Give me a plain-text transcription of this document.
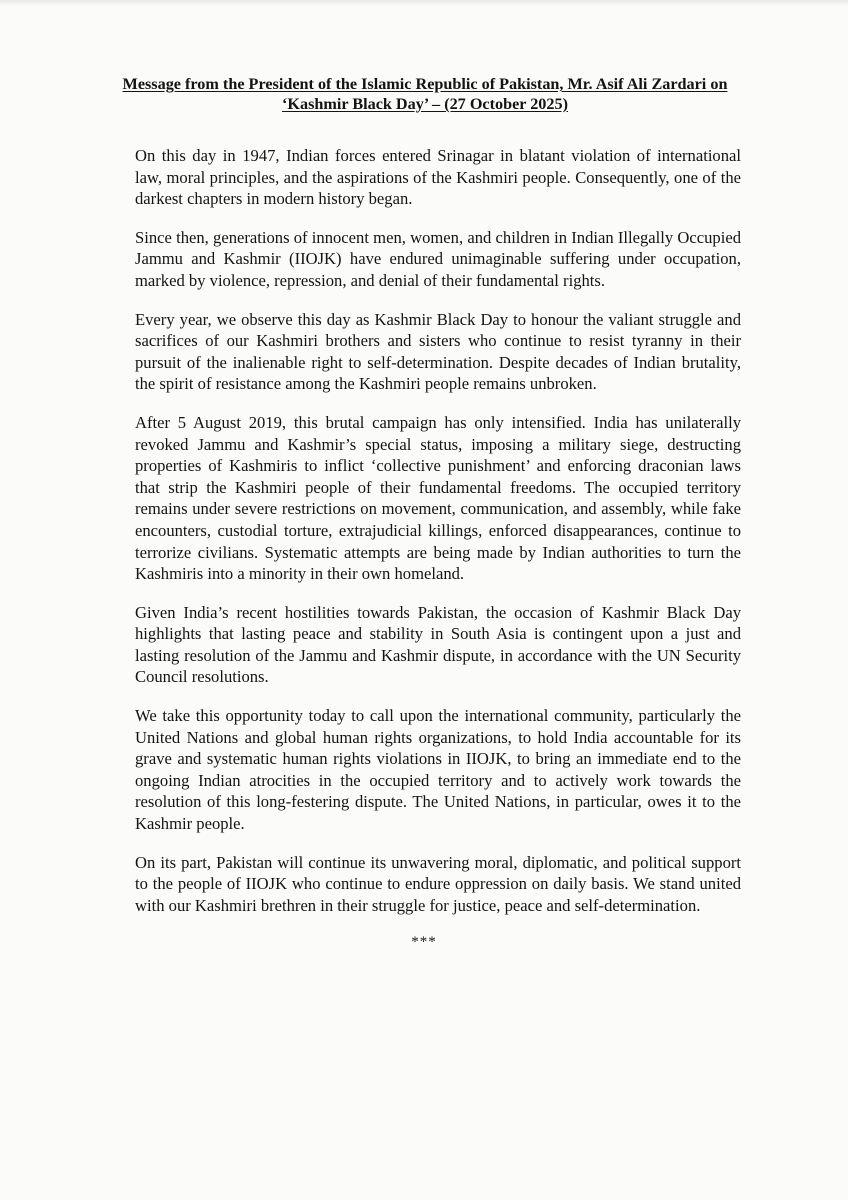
Message from the President of the Islamic Republic of Pakistan, Mr. Asif Ali Zardari on
‘Kashmir Black Day’ – (27 October 2025)

On this day in 1947, Indian forces entered Srinagar in blatant violation of international law, moral principles, and the aspirations of the Kashmiri people. Consequently, one of the darkest chapters in modern history began.

Since then, generations of innocent men, women, and children in Indian Illegally Occupied Jammu and Kashmir (IIOJK) have endured unimaginable suffering under occupation, marked by violence, repression, and denial of their fundamental rights.

Every year, we observe this day as Kashmir Black Day to honour the valiant struggle and sacrifices of our Kashmiri brothers and sisters who continue to resist tyranny in their pursuit of the inalienable right to self-determination. Despite decades of Indian brutality, the spirit of resistance among the Kashmiri people remains unbroken.

After 5 August 2019, this brutal campaign has only intensified. India has unilaterally revoked Jammu and Kashmir’s special status, imposing a military siege, destructing properties of Kashmiris to inflict ‘collective punishment’ and enforcing draconian laws that strip the Kashmiri people of their fundamental freedoms. The occupied territory remains under severe restrictions on movement, communication, and assembly, while fake encounters, custodial torture, extrajudicial killings, enforced disappearances, continue to terrorize civilians. Systematic attempts are being made by Indian authorities to turn the Kashmiris into a minority in their own homeland.

Given India’s recent hostilities towards Pakistan, the occasion of Kashmir Black Day highlights that lasting peace and stability in South Asia is contingent upon a just and lasting resolution of the Jammu and Kashmir dispute, in accordance with the UN Security Council resolutions.

We take this opportunity today to call upon the international community, particularly the United Nations and global human rights organizations, to hold India accountable for its grave and systematic human rights violations in IIOJK, to bring an immediate end to the ongoing Indian atrocities in the occupied territory and to actively work towards the resolution of this long-festering dispute. The United Nations, in particular, owes it to the Kashmir people.

On its part, Pakistan will continue its unwavering moral, diplomatic, and political support to the people of IIOJK who continue to endure oppression on daily basis. We stand united with our Kashmiri brethren in their struggle for justice, peace and self-determination.

***
